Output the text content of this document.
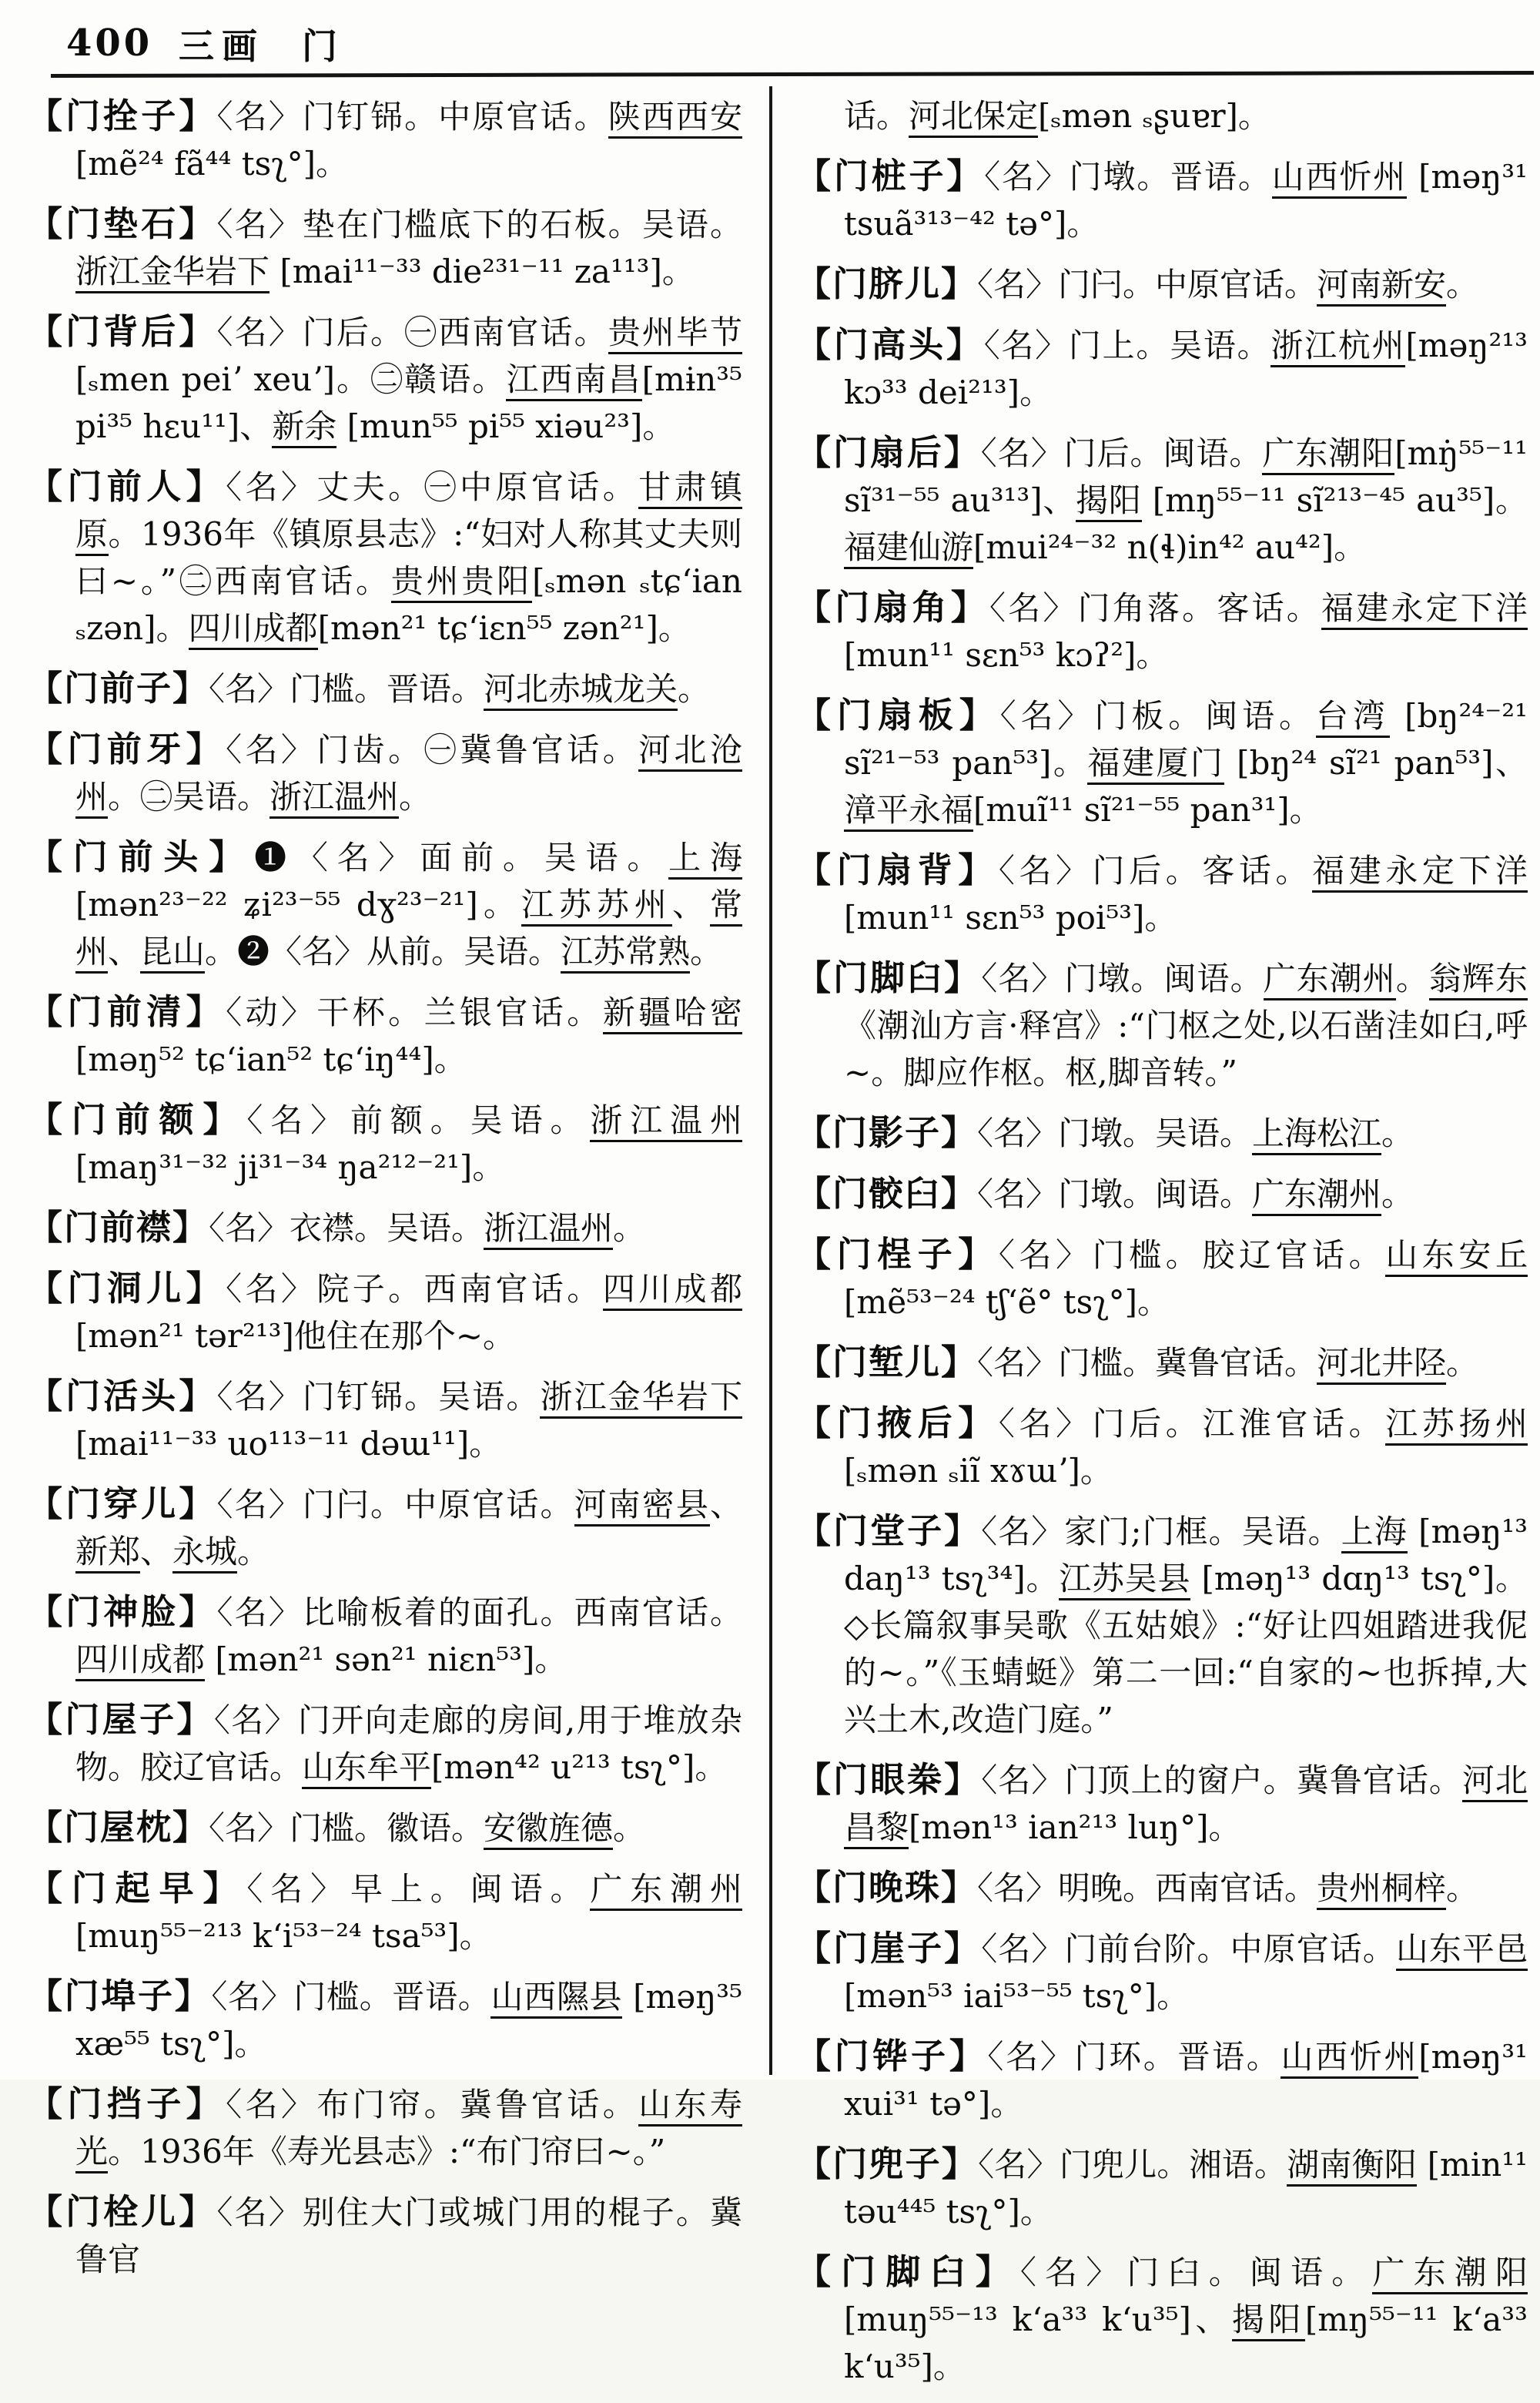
400 三画 门

【门拴子】〈名〉门钉铞。中原官话。陕西西安 [mẽ²⁴ fã⁴⁴ tsʅ°]。

【门垫石】〈名〉垫在门槛底下的石板。吴语。浙江金华岩下 [mai¹¹⁻³³ die²³¹⁻¹¹ za¹¹³]。

【门背后】〈名〉门后。㊀西南官话。贵州毕节[ₛmen peiʼ xeuʼ]。㊁赣语。江西南昌[mɨn³⁵ pi³⁵ hɛu¹¹]、新余 [mun⁵⁵ pi⁵⁵ xiəu²³]。

【门前人】〈名〉丈夫。㊀中原官话。甘肃镇原。1936年《镇原县志》:“妇对人称其丈夫则曰~。”㊁西南官话。贵州贵阳[ₛmən ₛtɕʻian ₛzən]。四川成都[mən²¹ tɕʻiɛn⁵⁵ zən²¹]。

【门前子】〈名〉门槛。晋语。河北赤城龙关。

【门前牙】〈名〉门齿。㊀冀鲁官话。河北沧州。㊁吴语。浙江温州。

【门前头】❶〈名〉面前。吴语。上海[mən²³⁻²² ʑi²³⁻⁵⁵ dɣ²³⁻²¹]。江苏苏州、常州、昆山。❷〈名〉从前。吴语。江苏常熟。

【门前清】〈动〉干杯。兰银官话。新疆哈密 [məŋ⁵² tɕʻian⁵² tɕʻiŋ⁴⁴]。

【门前额】〈名〉前额。吴语。浙江温州[maŋ³¹⁻³² ji³¹⁻³⁴ ŋa²¹²⁻²¹]。

【门前襟】〈名〉衣襟。吴语。浙江温州。

【门洞儿】〈名〉院子。西南官话。四川成都 [mən²¹ tər²¹³]他住在那个~。

【门活头】〈名〉门钉铞。吴语。浙江金华岩下[mai¹¹⁻³³ uo¹¹³⁻¹¹ dəɯ¹¹]。

【门穿儿】〈名〉门闩。中原官话。河南密县、新郑、永城。

【门神脸】〈名〉比喻板着的面孔。西南官话。四川成都 [mən²¹ sən²¹ niɛn⁵³]。

【门屋子】〈名〉门开向走廊的房间,用于堆放杂物。胶辽官话。山东牟平[mən⁴² u²¹³ tsʅ°]。

【门屋枕】〈名〉门槛。徽语。安徽旌德。

【门起早】〈名〉早上。闽语。广东潮州 [muŋ⁵⁵⁻²¹³ kʻi⁵³⁻²⁴ tsa⁵³]。

【门埠子】〈名〉门槛。晋语。山西隰县 [məŋ³⁵ xæ⁵⁵ tsʅ°]。

【门挡子】〈名〉布门帘。冀鲁官话。山东寿光。1936年《寿光县志》:“布门帘曰~。”

【门栓儿】〈名〉别住大门或城门用的棍子。冀鲁官

话。河北保定[ₛmən ₛʂuɐr]。

【门桩子】〈名〉门墩。晋语。山西忻州 [məŋ³¹ tsuã³¹³⁻⁴² tə°]。

【门脐儿】〈名〉门闩。中原官话。河南新安。

【门高头】〈名〉门上。吴语。浙江杭州[məŋ²¹³ kɔ³³ dei²¹³]。

【门扇后】〈名〉门后。闽语。广东潮阳[mŋ̇⁵⁵⁻¹¹ sĩ³¹⁻⁵⁵ au³¹³]、揭阳 [mŋ⁵⁵⁻¹¹ sĩ²¹³⁻⁴⁵ au³⁵]。福建仙游[mui²⁴⁻³² n(ɬ)in⁴² au⁴²]。

【门扇角】〈名〉门角落。客话。福建永定下洋[mun¹¹ sɛn⁵³ kɔʔ²]。

【门扇板】〈名〉门板。闽语。台湾 [bŋ²⁴⁻²¹ sĩ²¹⁻⁵³ pan⁵³]。福建厦门 [bŋ²⁴ sĩ²¹ pan⁵³]、漳平永福[muĩ¹¹ sĩ²¹⁻⁵⁵ pan³¹]。

【门扇背】〈名〉门后。客话。福建永定下洋[mun¹¹ sɛn⁵³ poi⁵³]。

【门脚臼】〈名〉门墩。闽语。广东潮州。翁辉东《潮汕方言·释宫》:“门枢之处,以石凿洼如臼,呼~。脚应作枢。枢,脚音转。”

【门影子】〈名〉门墩。吴语。上海松江。

【门骹臼】〈名〉门墩。闽语。广东潮州。

【门桯子】〈名〉门槛。胶辽官话。山东安丘[mẽ⁵³⁻²⁴ tʃʻẽ° tsʅ°]。

【门堑儿】〈名〉门槛。冀鲁官话。河北井陉。

【门掖后】〈名〉门后。江淮官话。江苏扬州 [ₛmən ₛiĩ xɤɯʼ]。

【门堂子】〈名〉家门;门框。吴语。上海 [məŋ¹³ daŋ¹³ tsʅ³⁴]。江苏吴县 [məŋ¹³ dɑŋ¹³ tsʅ°]。◇长篇叙事吴歌《五姑娘》:“好让四姐踏进我伲的~。”《玉蜻蜓》第二一回:“自家的~也拆掉,大兴土木,改造门庭。”

【门眼桊】〈名〉门顶上的窗户。冀鲁官话。河北昌黎[mən¹³ ian²¹³ luŋ°]。

【门晚珠】〈名〉明晚。西南官话。贵州桐梓。

【门崖子】〈名〉门前台阶。中原官话。山东平邑[mən⁵³ iai⁵³⁻⁵⁵ tsʅ°]。

【门铧子】〈名〉门环。晋语。山西忻州[məŋ³¹ xui³¹ tə°]。

【门兜子】〈名〉门兜儿。湘语。湖南衡阳 [min¹¹ təu⁴⁴⁵ tsʅ°]。

【门脚臼】〈名〉门臼。闽语。广东潮阳[muŋ⁵⁵⁻¹³ kʻa³³ kʻu³⁵]、揭阳[mŋ⁵⁵⁻¹¹ kʻa³³ kʻu³⁵]。
